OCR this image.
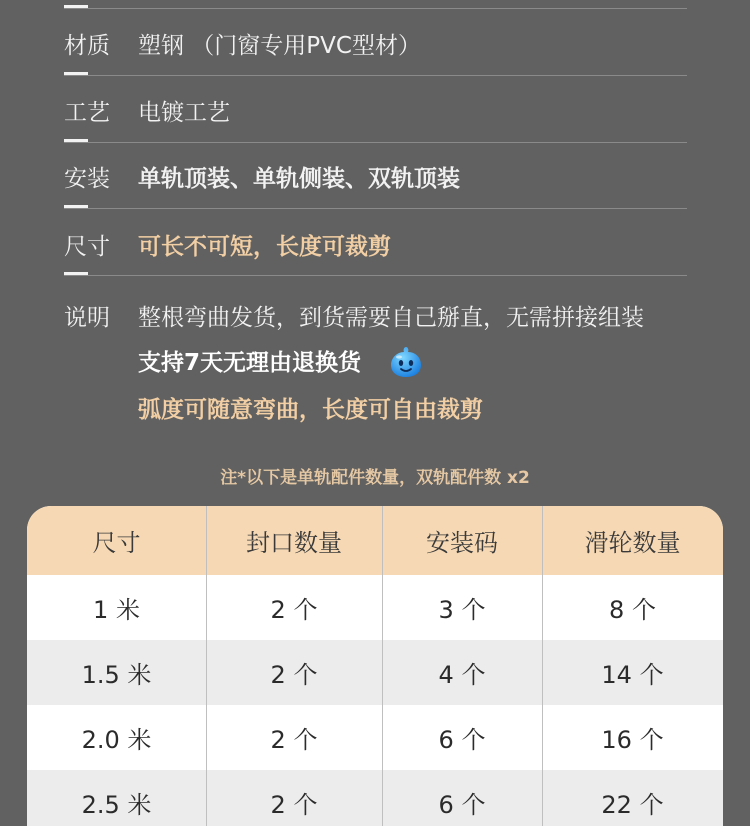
材质 塑钢 （门窗专用PVC型材）
工艺 电镀工艺
安装 单轨顶装、单轨侧装、双轨顶装
尺寸 可长不可短，长度可裁剪
说明 整根弯曲发货，到货需要自己掰直，无需拼接组装
支持7天无理由退换货
弧度可随意弯曲，长度可自由裁剪
注*以下是单轨配件数量，双轨配件数 x2
尺寸	封口数量	安装码	滑轮数量
1 米	2 个	3 个	8 个
1.5 米	2 个	4 个	14 个
2.0 米	2 个	6 个	16 个
2.5 米	2 个	6 个	22 个
